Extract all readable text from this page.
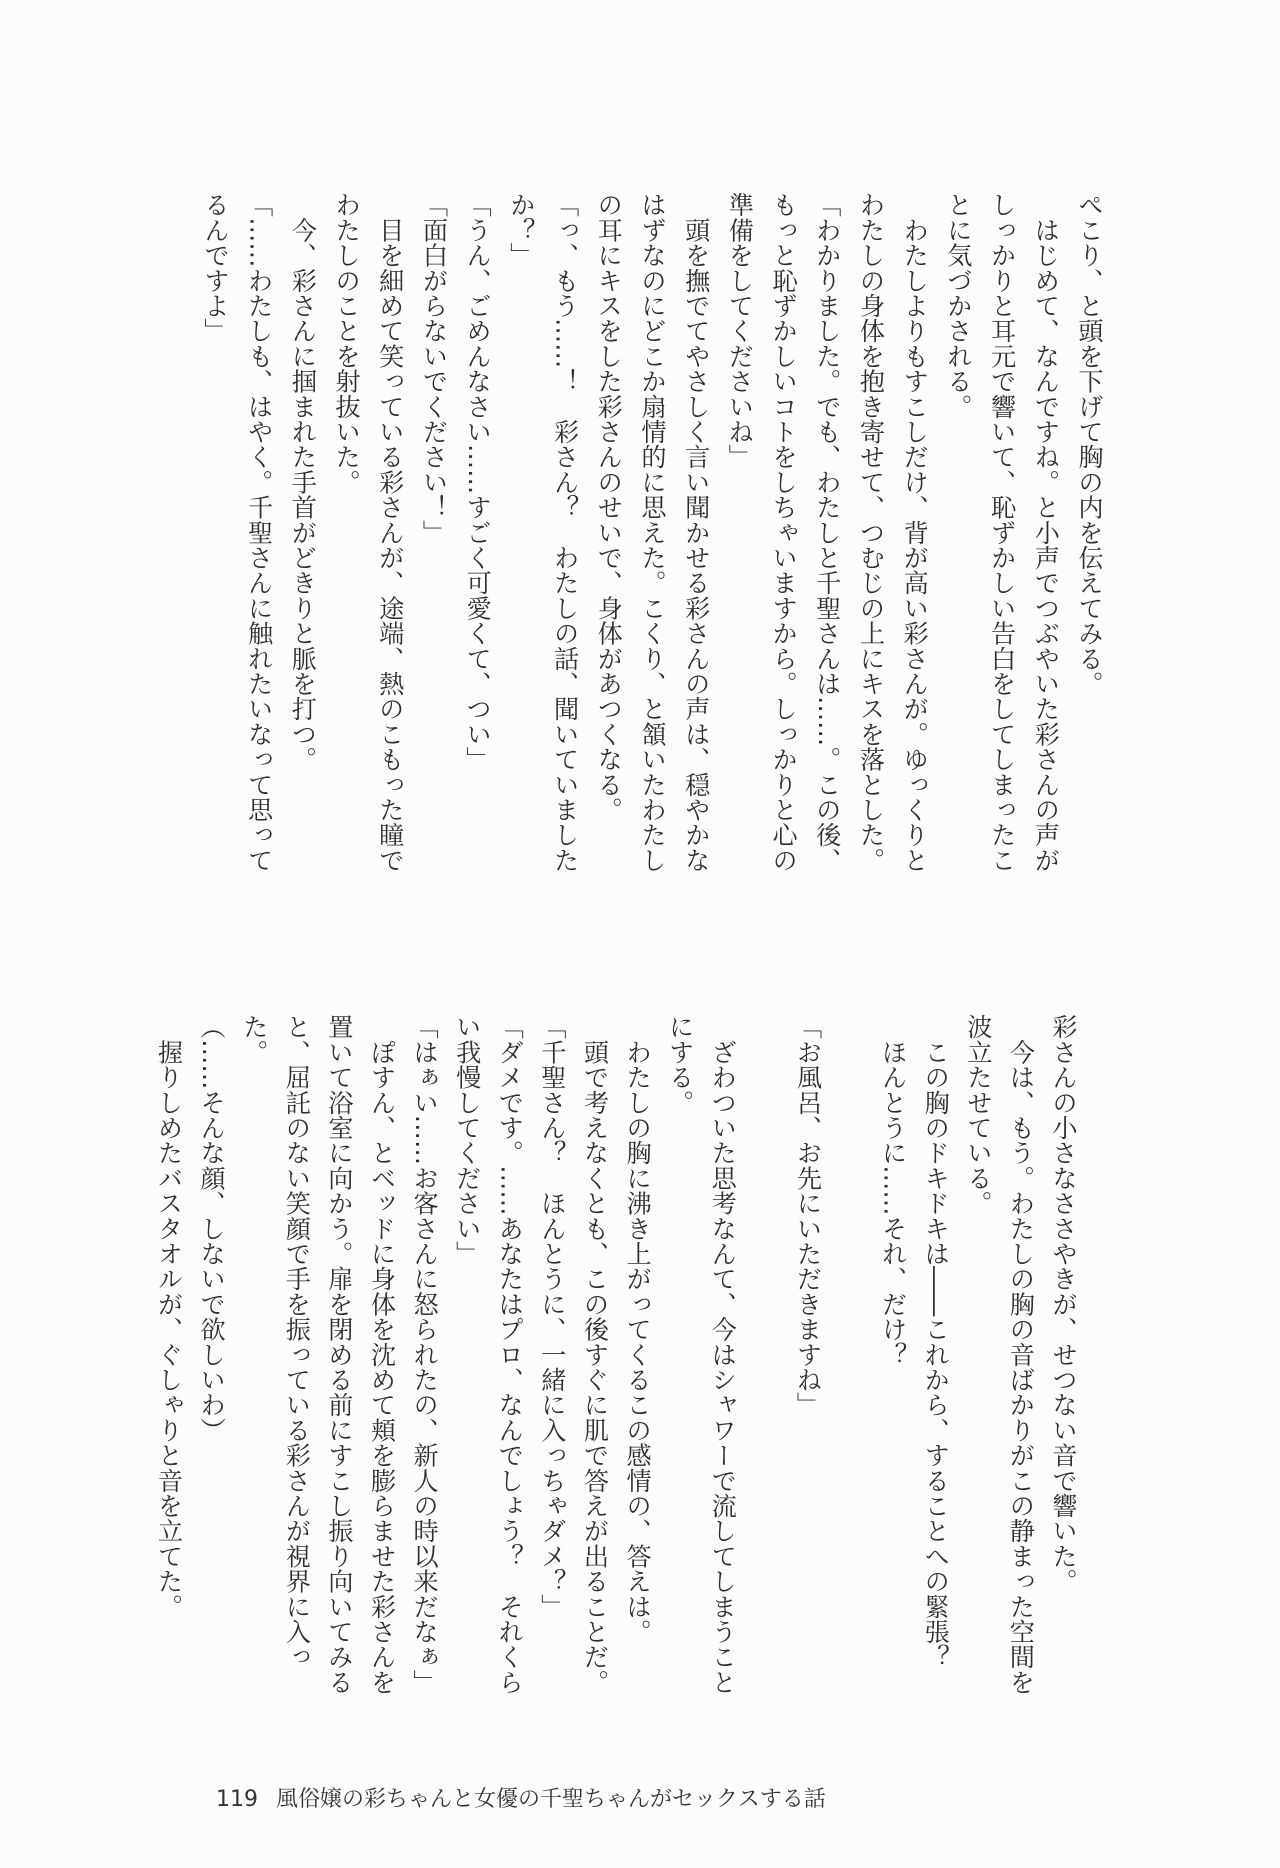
ぺこり、と頭を下げて胸の内を伝えてみる。
　はじめて、なんですね。と小声でつぶやいた彩さんの声が
しっかりと耳元で響いて、恥ずかしい告白をしてしまったこ
とに気づかされる。
　わたしよりもすこしだけ、背が高い彩さんが。ゆっくりと
わたしの身体を抱き寄せて、つむじの上にキスを落とした。
「わかりました。でも、わたしと千聖さんは……。この後、
もっと恥ずかしいコトをしちゃいますから。しっかりと心の
準備をしてくださいね」
　頭を撫でてやさしく言い聞かせる彩さんの声は、穏やかな
はずなのにどこか扇情的に思えた。こくり、と頷いたわたし
の耳にキスをした彩さんのせいで、身体があつくなる。
「っ、もう……！　彩さん？　わたしの話、聞いていました
か？」
「うん、ごめんなさい……すごく可愛くて、つい」
「面白がらないでください！」
　目を細めて笑っている彩さんが、途端、熱のこもった瞳で
わたしのことを射抜いた。
　今、彩さんに掴まれた手首がどきりと脈を打つ。
「……わたしも、はやく。千聖さんに触れたいなって思って
るんですよ」
彩さんの小さなささやきが、せつない音で響いた。
　今は、もう。わたしの胸の音ばかりがこの静まった空間を
波立たせている。
　この胸のドキドキは――これから、することへの緊張？
　ほんとうに……それ、だけ？
「お風呂、お先にいただきますね」
　ざわついた思考なんて、今はシャワーで流してしまうこと
にする。
　わたしの胸に沸き上がってくるこの感情の、答えは。
　頭で考えなくとも、この後すぐに肌で答えが出ることだ。
「千聖さん？　ほんとうに、一緒に入っちゃダメ？」
「ダメです。……あなたはプロ、なんでしょう？　それくら
い我慢してください」
「はぁい……お客さんに怒られたの、新人の時以来だなぁ」
　ぽすん、とベッドに身体を沈めて頬を膨らませた彩さんを
置いて浴室に向かう。扉を閉める前にすこし振り向いてみる
と、屈託のない笑顔で手を振っている彩さんが視界に入っ
た。
（……そんな顔、しないで欲しいわ）
　握りしめたバスタオルが、ぐしゃりと音を立てた。
119 風俗嬢の彩ちゃんと女優の千聖ちゃんがセックスする話
